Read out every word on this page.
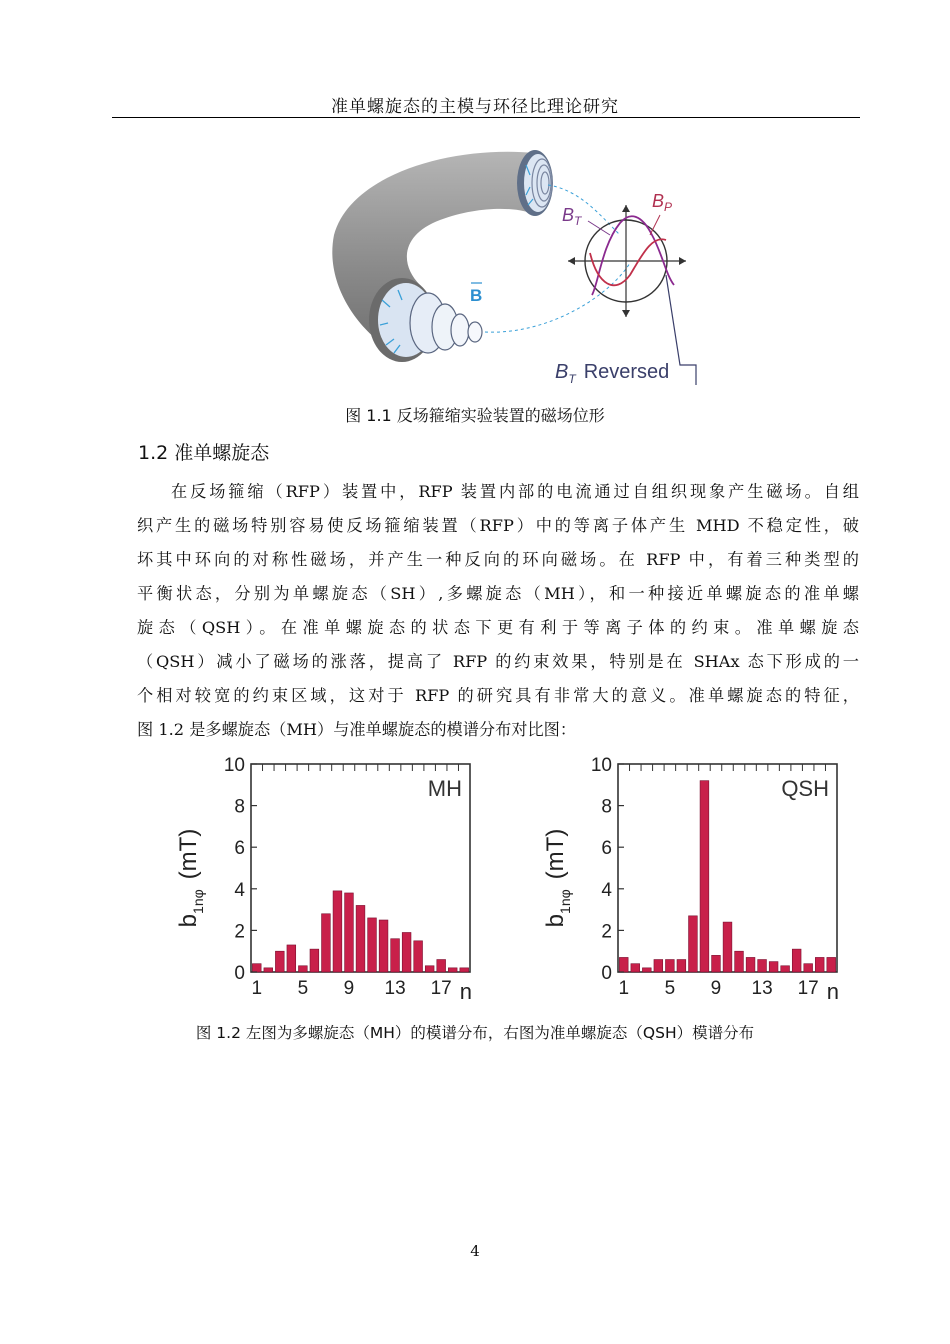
准单螺旋态的主模与环径比理论研究
B
$B_T$
$B_P$
$B_T$ Reversed
图 1.1 反场箍缩实验装置的磁场位形
1.2 准单螺旋态
在反场箍缩（RFP）装置中，RFP 装置内部的电流通过自组织现象产生磁场。自组
织产生的磁场特别容易使反场箍缩装置（RFP）中的等离子体产生 MHD 不稳定性，破
坏其中环向的对称性磁场，并产生一种反向的环向磁场。在 RFP 中，有着三种类型的
平衡状态，分别为单螺旋态（SH）,多螺旋态（MH），和一种接近单螺旋态的准单螺
旋态（QSH）。在准单螺旋态的状态下更有利于等离子体的约束。准单螺旋态
（QSH）减小了磁场的涨落，提高了 RFP 的约束效果，特别是在 SHAx 态下形成的一
个相对较宽的约束区域，这对于 RFP 的研究具有非常大的意义。准单螺旋态的特征，
图 1.2 是多螺旋态（MH）与准单螺旋态的模谱分布对比图：
0
2
4
6
8
10
1 5 9 13 17 n
MH
$b_{1n\varphi}(mT)$
0
2
4
6
8
10
1 5 9 13 17 n
QSH
$b_{1n\varphi}(mT)$
图 1.2 左图为多螺旋态（MH）的模谱分布，右图为准单螺旋态（QSH）模谱分布
4
